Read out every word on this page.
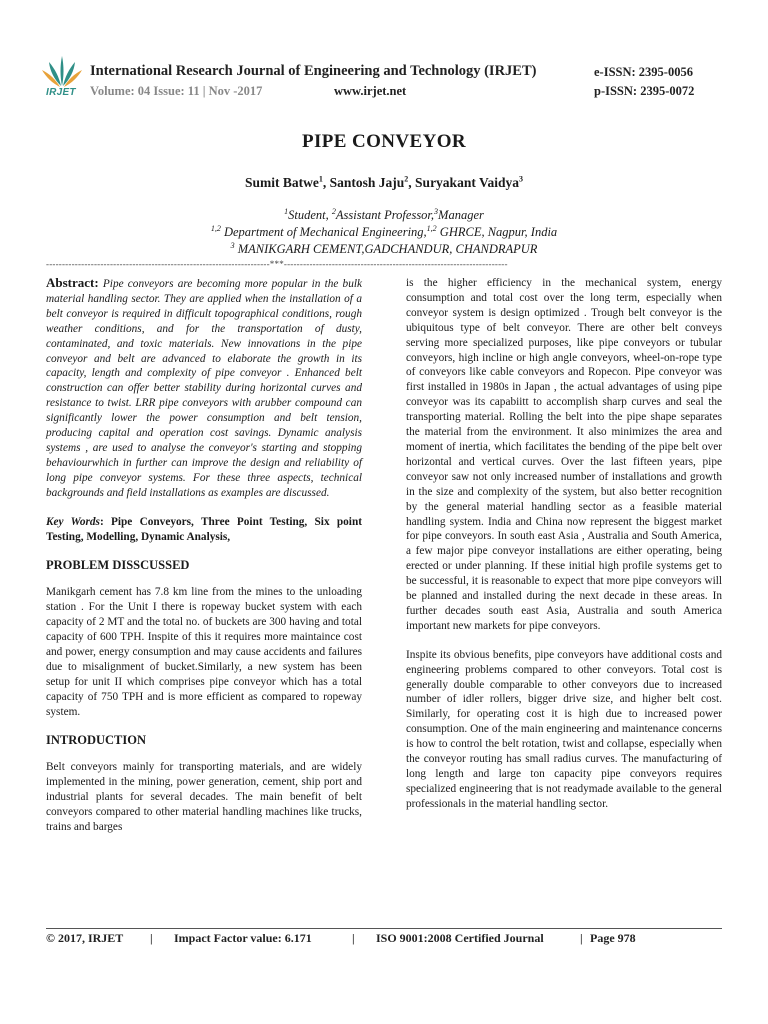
IRJET
International Research Journal of Engineering and Technology (IRJET)	e-ISSN: 2395-0056
Volume: 04 Issue: 11 | Nov -2017	www.irjet.net	p-ISSN: 2395-0072
PIPE CONVEYOR
Sumit Batwe$^1$, Santosh Jaju$^2$, Suryakant Vaidya$^3$
$^1$Student, $^2$Assistant Professor,$^3$Manager
$^{1,2}$ Department of Mechanical Engineering,$^{1,2}$ GHRCE, Nagpur, India
$^3$ MANIKGARH CEMENT,GADCHANDUR, CHANDRAPUR
----------------------------------------------------------------------***----------------------------------------------------------------------

Abstract: Pipe conveyors are becoming more popular in the bulk material handling sector. They are applied when the installation of a belt conveyor is required in difficult topographical conditions, rough weather conditions, and for the transportation of dusty, contaminated, and toxic materials. New innovations in the pipe conveyor and belt are advanced to elaborate the growth in its capacity, length and complexity of pipe conveyor . Enhanced belt construction can offer better stability during horizontal curves and resistance to twist. LRR pipe conveyors with arubber compound can significantly lower the power consumption and belt tension, producing capital and operation cost savings. Dynamic analysis systems , are used to analyse the conveyor's starting and stopping behaviourwhich in further can improve the design and reliability of long pipe conveyor systems. For these three aspects, technical backgrounds and field installations as examples are discussed.

Key Words: Pipe Conveyors, Three Point Testing, Six point Testing, Modelling, Dynamic Analysis,

PROBLEM DISSCUSSED

Manikgarh cement has 7.8 km line from the mines to the unloading station . For the Unit I there is ropeway bucket system with each capacity of 2 MT and the total no. of buckets are 300 having and total capacity of 600 TPH. Inspite of this it requires more maintaince cost and power, energy consumption and may cause accidents and failures due to misalignment of bucket.Similarly, a new system has been setup for unit II which comprises pipe conveyor which has a total capacity of 750 TPH and is more efficient as compared to ropeway system.

INTRODUCTION

Belt conveyors mainly for transporting materials, and are widely implemented in the mining, power generation, cement, ship port and industrial plants for several decades. The main benefit of belt conveyors compared to other material handling machines like trucks, trains and barges

is the higher efficiency in the mechanical system, energy consumption and total cost over the long term, especially when conveyor system is design optimized . Trough belt conveyor is the ubiquitous type of belt conveyor. There are other belt conveys serving more specialized purposes, like pipe conveyors or tubular conveyors, high incline or high angle conveyors, wheel-on-rope type of conveyors like cable conveyors and Ropecon. Pipe conveyor was first installed in 1980s in Japan , the actual advantages of using pipe conveyor was its capabiitt to accomplish sharp curves and seal the transporting material. Rolling the belt into the pipe shape separates the material from the environment. It also minimizes the area and moment of inertia, which facilitates the bending of the pipe belt over horizontal and vertical curves. Over the last fifteen years, pipe conveyor saw not only increased number of installations and growth in the size and complexity of the system, but also better recognition by the general material handling sector as a feasible material handling system. India and China now represent the biggest market for pipe conveyors. In south east Asia , Australia and South America, a few major pipe conveyor installations are either operating, being erected or under planning. If these initial high profile systems get to be successful, it is reasonable to expect that more pipe conveyors will be planned and installed during the next decade in these areas. In further decades south east Asia, Australia and south America important new markets for pipe conveyors.

Inspite its obvious benefits, pipe conveyors have additional costs and engineering problems compared to other conveyors. Total cost is generally double comparable to other conveyors due to increased number of idler rollers, bigger drive size, and higher belt cost. Similarly, for operating cost it is high due to increased power consumption. One of the main engineering and maintenance concerns is how to control the belt rotation, twist and collapse, especially when the conveyor routing has small radius curves. The manufacturing of long length and large ton capacity pipe conveyors requires specialized engineering that is not readymade available to the general professionals in the material handling sector.

© 2017, IRJET | Impact Factor value: 6.171	| ISO 9001:2008 Certified Journal	| Page 978
